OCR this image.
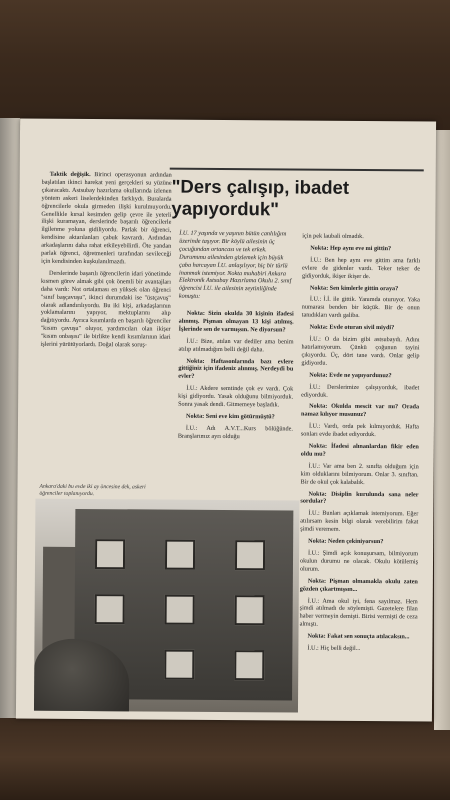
Taktik değişik. Birinci operasyonun ardından başlatılan ikinci harekat yeni gerçekleri su yüzüne çıkaracaktı. Astsubay hazırlama okullarında izlenen yöntem askeri liselerdekinden farklıydı. Buralarda öğrencilerle okula girmeden ilişki kurulmuyordu. Genellikle kırsal kesimden gelip çevre ile yeterli ilişki kuramayan, derslerinde başarılı öğrencilerle ilgilenme yoluna gidiliyordu. Parlak bir öğrenci, kendisine aktarılanları çabuk kavrardı. Ardından arkadaşlarını daha rahat etkileyebilirdi. Öte yandan parlak öğrenci, öğretmenleri tarafından sevileceği için kendisinden kuşkulanılmazdı.

Derslerinde başarılı öğrencilerin idari yönetimde kısmen görev almak gibi çok önemli bir avantajları daha vardı: Not ortalaması en yüksek olan öğrenci "sınıf başçavuşu", ikinci durumdaki ise "üstçavuş" olarak adlandırılıyordu. Bu iki kişi, arkadaşlarının yoklamalarını yapıyor, mektuplarını alıp dağıtıyordu. Ayrıca kısımlarda en başarılı öğrenciler "kısım çavuşu" oluyor, yardımcıları olan ikişer "kısım onbaşısı" ile birlikte kendi kısımlarının idari işlerini yürütüyorlardı. Doğal olarak soruş-

Ankara'daki bu evde iki ay öncesine dek, askeri öğrenciler toplanıyordu.
"Ders çalışıp, ibadet yapıyorduk"
İ.U. 17 yaşında ve yaşının bütün canlılığını üzerinde taşıyor. Bir köylü ailesinin üç çocuğundan ortancası ve tek erkek. Durumunu ailesinden gizlemek için büyük çaba harcayan İ.U. anlaşılıyor, hiç bir türlü inanmak istemiyor. Nokta muhabiri Ankara Elektronik Astsubay Hazırlama Okulu 2. sınıf öğrencisi İ.U. ile ailesinin zeytinliğinde konuştu:

Nokta: Sizin okulda 30 kişinin ifadesi alınmış. Pişman olmayan 13 kişi atılmış. İşlerinde sen de varmışsın. Ne diyorsun?

İ.U.: Bize, atılan var dediler ama benim atılıp atılmadığım belli değil daha.

Nokta: Haftasonlarında bazı evlere gittiğiniz için ifadeniz alınmış. Nerdeydi bu evler?

İ.U.: Akdere semtinde çok ev vardı. Çok kişi gidiyordu. Yasak olduğunu bilmiyorduk. Sonra yasak dendi. Gitmemeye başladık.

Nokta: Seni eve kim götürmüştü?

İ.U.: Adı A.V.T...Kurs bölüğünde. Branşlarımız ayrı olduğu

için pek laubali olmadık.

Nokta: Hep aynı eve mi gittin?

İ.U.: Ben hep aynı eve gittim ama farklı evlere de gidenler vardı. Teker teker de gidiyorduk, ikişer ikişer de.

Nokta: Sen kimlerle gittin oraya?

İ.U.: İ.İ. ile gittik. Yanımda oturuyor. Yaka numarası benden bir küçük. Bir de onun tanıdıkları vardı galiba.

Nokta: Evde oturan sivil miydi?

İ.U.: O da bizim gibi astsubaydı. Adını hatırlamıyorum. Çünkü çoğunun tayini çıkıyordu. Üç, dört tane vardı. Onlar gelip gidiyordu.

Nokta: Evde ne yapıyordunuz?

İ.U.: Derslerimize çalışıyorduk, ibadet ediyorduk.

Nokta: Okulda mescit var mı? Orada namaz kılıyor musunuz?

İ.U.: Vardı, orda pek kılmıyorduk. Hafta sonları evde ibadet ediyorduk.

Nokta: İfadesi alınanlardan fikir eden oldu mu?

İ.U.: Var ama ben 2. sınıfta olduğum için kim olduklarını bilmiyorum. Onlar 3. sınıftan. Bir de okul çok kalabalık.

Nokta: Disiplin kurulunda sana neler sordular?

İ.U.: Bunları açıklamak istemiyorum. Eğer atılırsam kesin bilgi olarak verebilirim fakat şimdi veremem.

Nokta: Neden çekiniyorsun?

İ.U.: Şimdi açık konuşursam, bilmiyorum okulun durumu ne olacak. Okulu kötülemiş olurum.

Nokta: Pişman olmamakla okulu zaten gözden çıkartmışsın...

İ.U.: Ama okul iyi, fena sayılmaz. Hem şimdi atılmadı de söylemişti. Gazetelere filan haber vermeyin demişti. Birisi vermişti de ceza almıştı.

Nokta: Fakat sen sonuçta atılacaksın...

İ.U.: Hiç belli değil...
